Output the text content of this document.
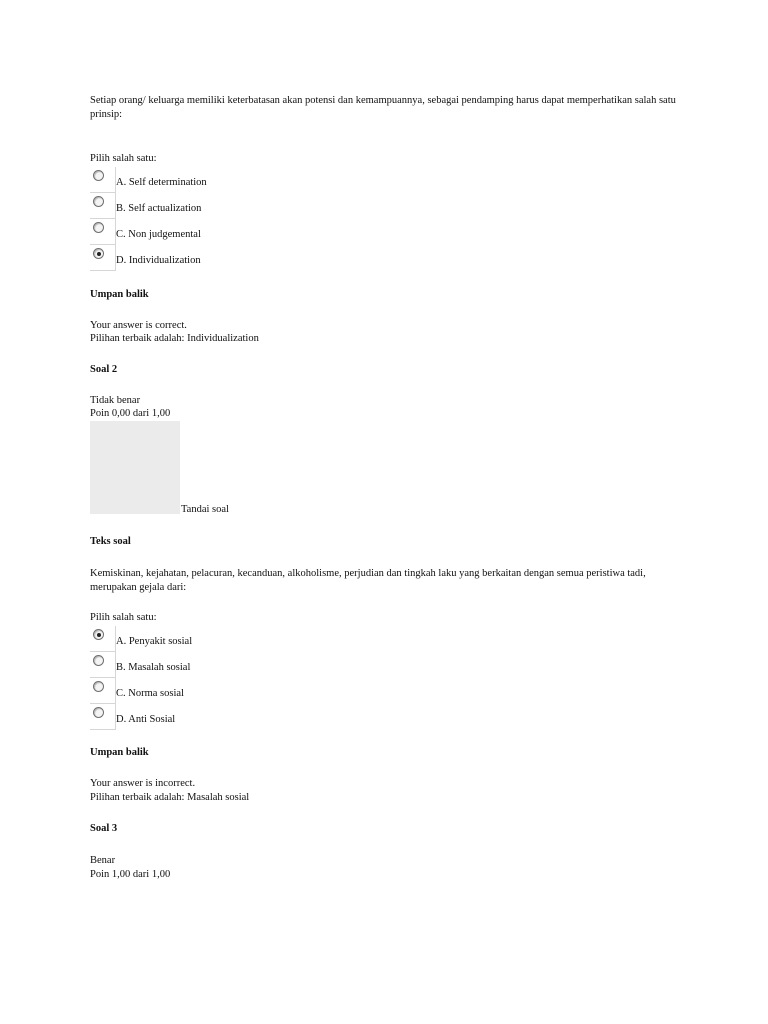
Setiap orang/ keluarga memiliki keterbatasan akan potensi dan kemampuannya, sebagai pendamping harus dapat memperhatikan salah satu prinsip:
Pilih salah satu:
A. Self determination
B. Self actualization
C. Non judgemental
D. Individualization
Umpan balik
Your answer is correct.
Pilihan terbaik adalah: Individualization
Soal 2
Tidak benar
Poin 0,00 dari 1,00
Tandai soal
Teks soal
Kemiskinan, kejahatan, pelacuran, kecanduan, alkoholisme, perjudian dan tingkah laku yang berkaitan dengan semua peristiwa tadi, merupakan gejala dari:
Pilih salah satu:
A. Penyakit sosial
B. Masalah sosial
C. Norma sosial
D. Anti Sosial
Umpan balik
Your answer is incorrect.
Pilihan terbaik adalah: Masalah sosial
Soal 3
Benar
Poin 1,00 dari 1,00
